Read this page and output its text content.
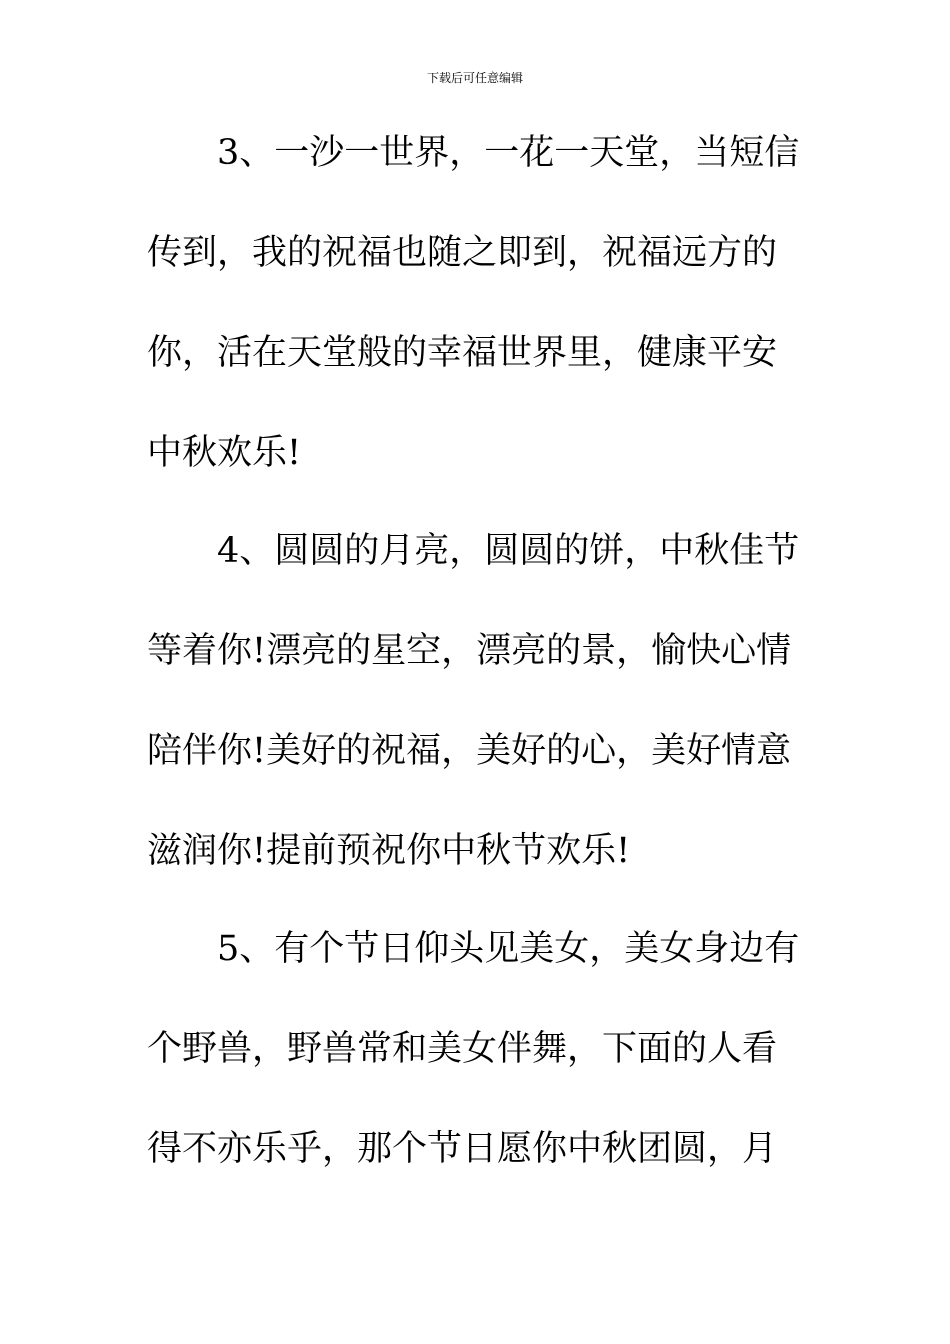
下载后可任意编辑
　　3、一沙一世界，一花一天堂，当短信
传到，我的祝福也随之即到，祝福远方的
你，活在天堂般的幸福世界里，健康平安
中秋欢乐!
　　4、圆圆的月亮，圆圆的饼，中秋佳节
等着你!漂亮的星空，漂亮的景，愉快心情
陪伴你!美好的祝福，美好的心，美好情意
滋润你!提前预祝你中秋节欢乐!
　　5、有个节日仰头见美女，美女身边有
个野兽，野兽常和美女伴舞，下面的人看
得不亦乐乎，那个节日愿你中秋团圆，月
